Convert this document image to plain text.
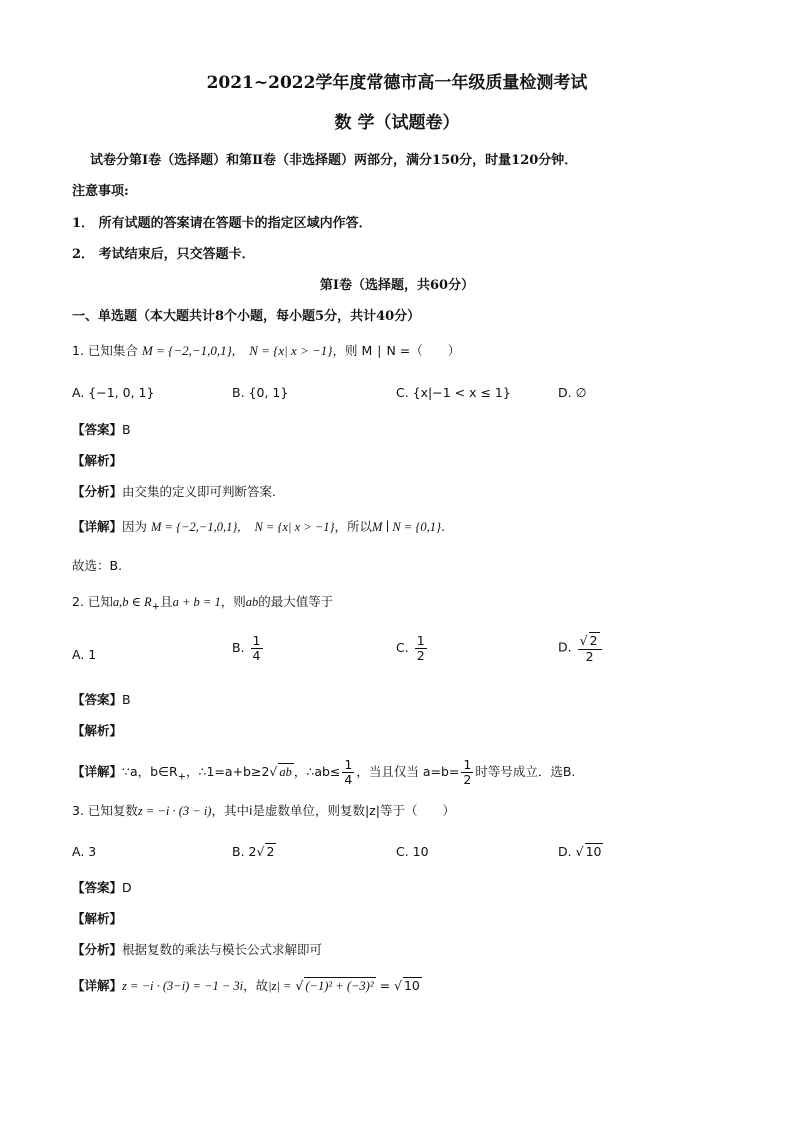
2021~2022学年度常德市高一年级质量检测考试
数 学（试题卷）
试卷分第Ⅰ卷（选择题）和第Ⅱ卷（非选择题）两部分，满分150分，时量120分钟．
注意事项:
1． 所有试题的答案请在答题卡的指定区域内作答．
2． 考试结束后，只交答题卡．
第Ⅰ卷（选择题，共60分）
一、单选题（本大题共计8个小题，每小题5分，共计40分）
1. 已知集合 M = {−2,−1,0,1}, N = {x| x > −1}，则 M ∣ N =（　　）
A. {−1, 0, 1}	B. {0, 1}	C. {x|−1 < x ≤ 1}	D. ∅
【答案】B
【解析】
【分析】由交集的定义即可判断答案.
【详解】因为 M = {−2,−1,0,1}, N = {x| x > −1}，所以M ∣ N = {0,1}.
故选：B.
2. 已知a,b ∈ $R_+$且a + b = 1，则ab的最大值等于
A. 1	B. $\frac{1}{4}$	C. $\frac{1}{2}$	D. $\frac{√ 2}{2}$
【答案】B
【解析】
【详解】∵a，$b\in R_+$，∴1=a+b≥2√ ab ，∴ab≤ $\frac{1}{4}$ ，当且仅当 $a=b= \frac{1}{2}$ 时等号成立．选B.
3. 已知复数z = −i · (3 − i)，其中i是虚数单位，则复数|z|等于（　　）
A. 3	B. 2√ 2	C. 10	D. √ 10
【答案】D
【解析】
【分析】根据复数的乘法与模长公式求解即可
【详解】z = −i · (3−i) = −1 − 3i，故|z| = √ (−1)² + (−3)² = √ 10
